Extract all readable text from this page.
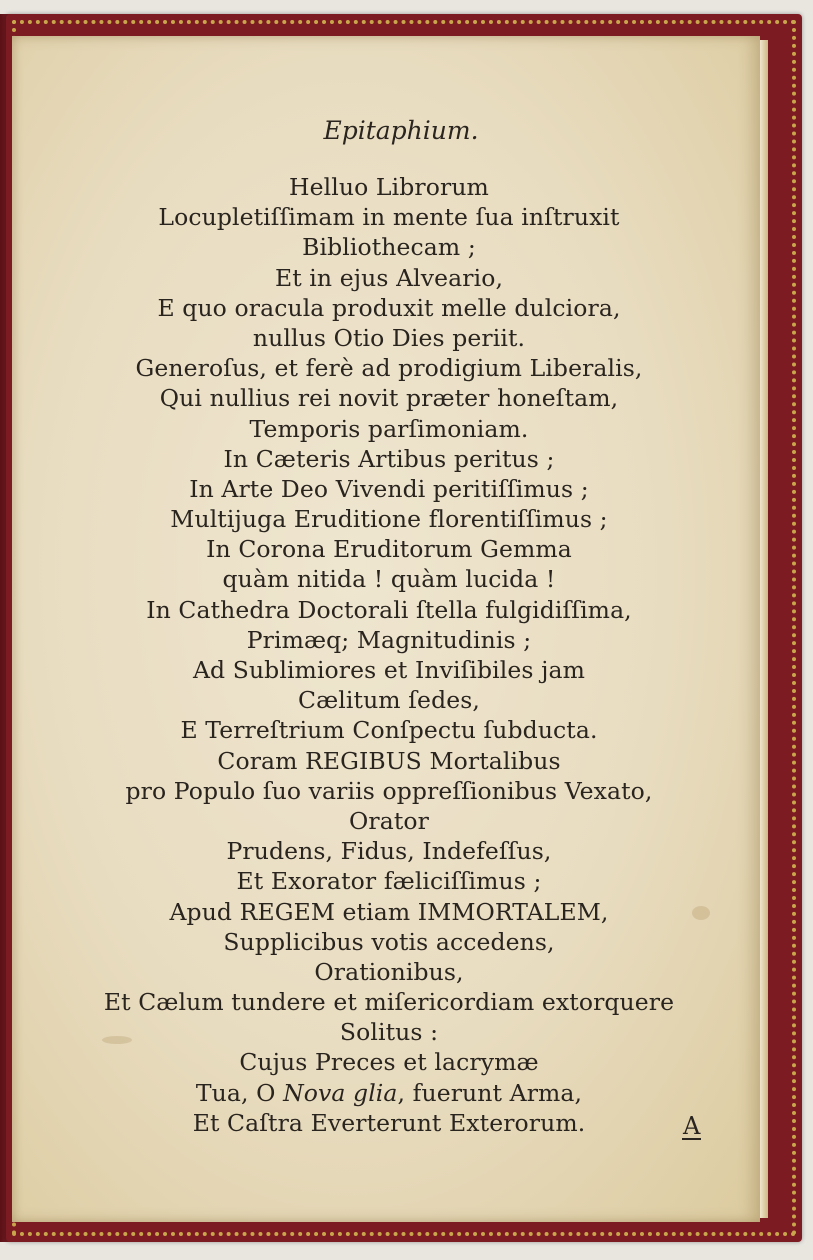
Epitaphium.
Helluo Librorum
Locupletiſſimam in mente ſua inſtruxit
Bibliothecam ;
Et in ejus Alveario,
E quo oracula produxit melle dulciora,
nullus Otio Dies periit.
Generoſus, et ferè ad prodigium Liberalis,
Qui nullius rei novit præter honeſtam,
Temporis parſimoniam.
In Cæteris Artibus peritus ;
In Arte Deo Vivendi peritiſſimus ;
Multijuga Eruditione florentiſſimus ;
In Corona Eruditorum Gemma
quàm nitida ! quàm lucida !
In Cathedra Doctorali ſtella fulgidiſſima,
Primæq; Magnitudinis ;
Ad Sublimiores et Inviſibiles jam
Cælitum ſedes,
E Terreſtrium Conſpectu ſubducta.
Coram REGIBUS Mortalibus
pro Populo ſuo variis oppreſſionibus Vexato,
Orator
Prudens, Fidus, Indefeſſus,
Et Exorator fæliciſſimus ;
Apud REGEM etiam IMMORTALEM,
Supplicibus votis accedens,
Orationibus,
Et Cælum tundere et miſericordiam extorquere
Solitus :
Cujus Preces et lacrymæ
Tua, O Nova glia, fuerunt Arma,
Et Caſtra Everterunt Exterorum.	A
